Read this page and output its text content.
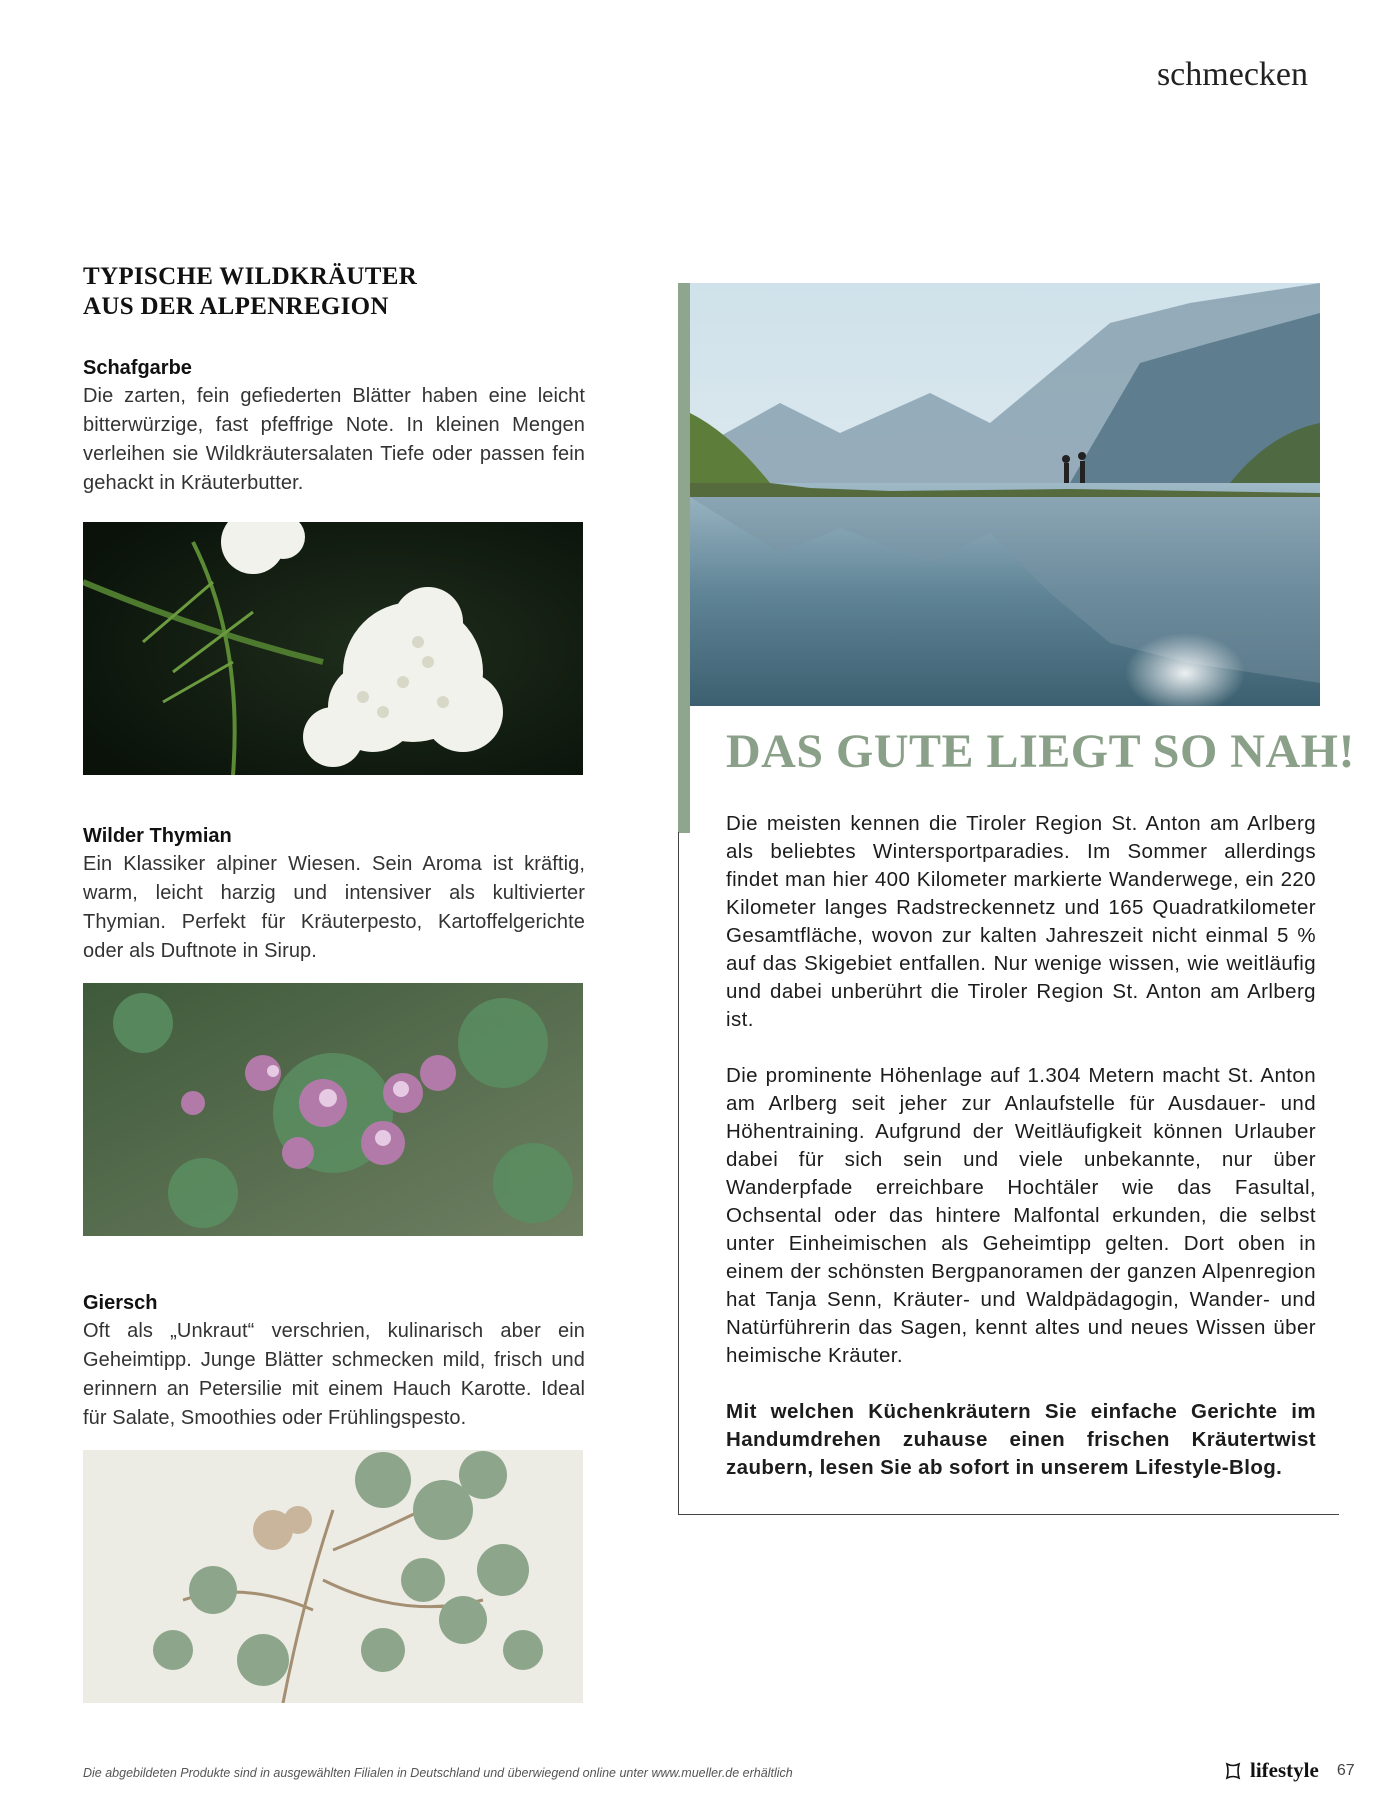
schmecken
TYPISCHE WILDKRÄUTER
AUS DER ALPENREGION
Schafgarbe
Die zarten, fein gefiederten Blätter haben eine leicht bitterwürzige, fast pfeffrige Note. In kleinen Mengen verleihen sie Wildkräutersalaten Tiefe oder passen fein gehackt in Kräuterbutter.
Wilder Thymian
Ein Klassiker alpiner Wiesen. Sein Aroma ist kräftig, warm, leicht harzig und intensiver als kultivierter Thymian. Perfekt für Kräuterpesto, Kartoffelgerichte oder als Duftnote in Sirup.
Giersch
Oft als „Unkraut“ verschrien, kulinarisch aber ein Geheimtipp. Junge Blätter schmecken mild, frisch und erinnern an Petersilie mit einem Hauch Karotte. Ideal für Salate, Smoothies oder Frühlingspesto.
DAS GUTE LIEGT SO NAH!

Die meisten kennen die Tiroler Region St. Anton am Arlberg als beliebtes Wintersportparadies. Im Sommer allerdings findet man hier 400 Kilometer markierte Wanderwege, ein 220 Kilometer langes Radstreckennetz und 165 Quadratkilometer Gesamtfläche, wovon zur kalten Jahreszeit nicht einmal 5 % auf das Skigebiet entfallen. Nur wenige wissen, wie weitläufig und dabei unberührt die Tiroler Region St. Anton am Arlberg ist.

Die prominente Höhenlage auf 1.304 Metern macht St. Anton am Arlberg seit jeher zur Anlaufstelle für Ausdauer- und Höhentraining. Aufgrund der Weitläufigkeit können Urlauber dabei für sich sein und viele unbekannte, nur über Wanderpfade erreichbare Hochtäler wie das Fasultal, Ochsental oder das hintere Malfontal erkunden, die selbst unter Einheimischen als Geheimtipp gelten. Dort oben in einem der schönsten Bergpanoramen der ganzen Alpenregion hat Tanja Senn, Kräuter- und Waldpädagogin, Wander- und Natürführerin das Sagen, kennt altes und neues Wissen über heimische Kräuter.

Mit welchen Küchenkräutern Sie einfache Gerichte im Handumdrehen zuhause einen frischen Kräutertwist zaubern, lesen Sie ab sofort in unserem Lifestyle-Blog.

Die abgebildeten Produkte sind in ausgewählten Filialen in Deutschland und überwiegend online unter www.mueller.de erhältlich	lifestyle 67
